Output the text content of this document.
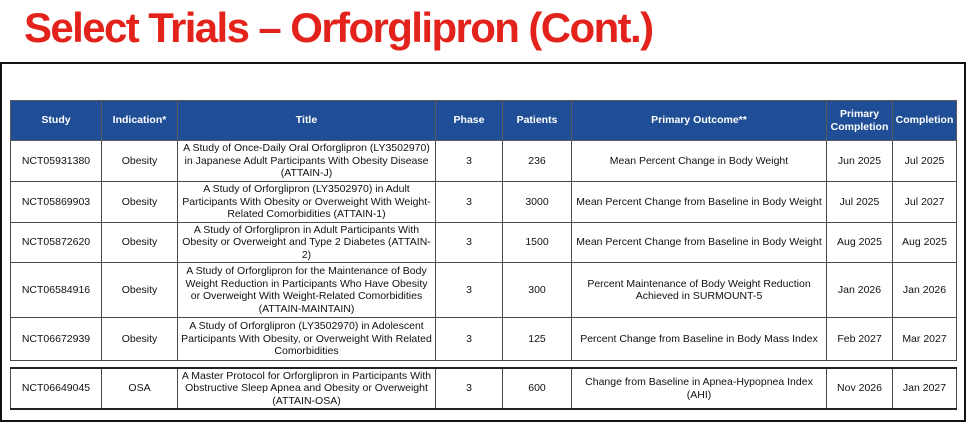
Select Trials – Orforglipron (Cont.)
Study	Indication*	Title	Phase	Patients	Primary Outcome**	Primary Completion	Completion
NCT05931380	Obesity	A Study of Once-Daily Oral Orforglipron (LY3502970) in Japanese Adult Participants With Obesity Disease (ATTAIN-J)	3	236	Mean Percent Change in Body Weight	Jun 2025	Jul 2025
NCT05869903	Obesity	A Study of Orforglipron (LY3502970) in Adult Participants With Obesity or Overweight With Weight-Related Comorbidities (ATTAIN-1)	3	3000	Mean Percent Change from Baseline in Body Weight	Jul 2025	Jul 2027
NCT05872620	Obesity	A Study of Orforglipron in Adult Participants With Obesity or Overweight and Type 2 Diabetes (ATTAIN-2)	3	1500	Mean Percent Change from Baseline in Body Weight	Aug 2025	Aug 2025
NCT06584916	Obesity	A Study of Orforglipron for the Maintenance of Body Weight Reduction in Participants Who Have Obesity or Overweight With Weight-Related Comorbidities (ATTAIN-MAINTAIN)	3	300	Percent Maintenance of Body Weight Reduction Achieved in SURMOUNT-5	Jan 2026	Jan 2026
NCT06672939	Obesity	A Study of Orforglipron (LY3502970) in Adolescent Participants With Obesity, or Overweight With Related Comorbidities	3	125	Percent Change from Baseline in Body Mass Index	Feb 2027	Mar 2027

NCT06649045	OSA	A Master Protocol for Orforglipron in Participants With Obstructive Sleep Apnea and Obesity or Overweight (ATTAIN-OSA)	3	600	Change from Baseline in Apnea-Hypopnea Index (AHI)	Nov 2026	Jan 2027
